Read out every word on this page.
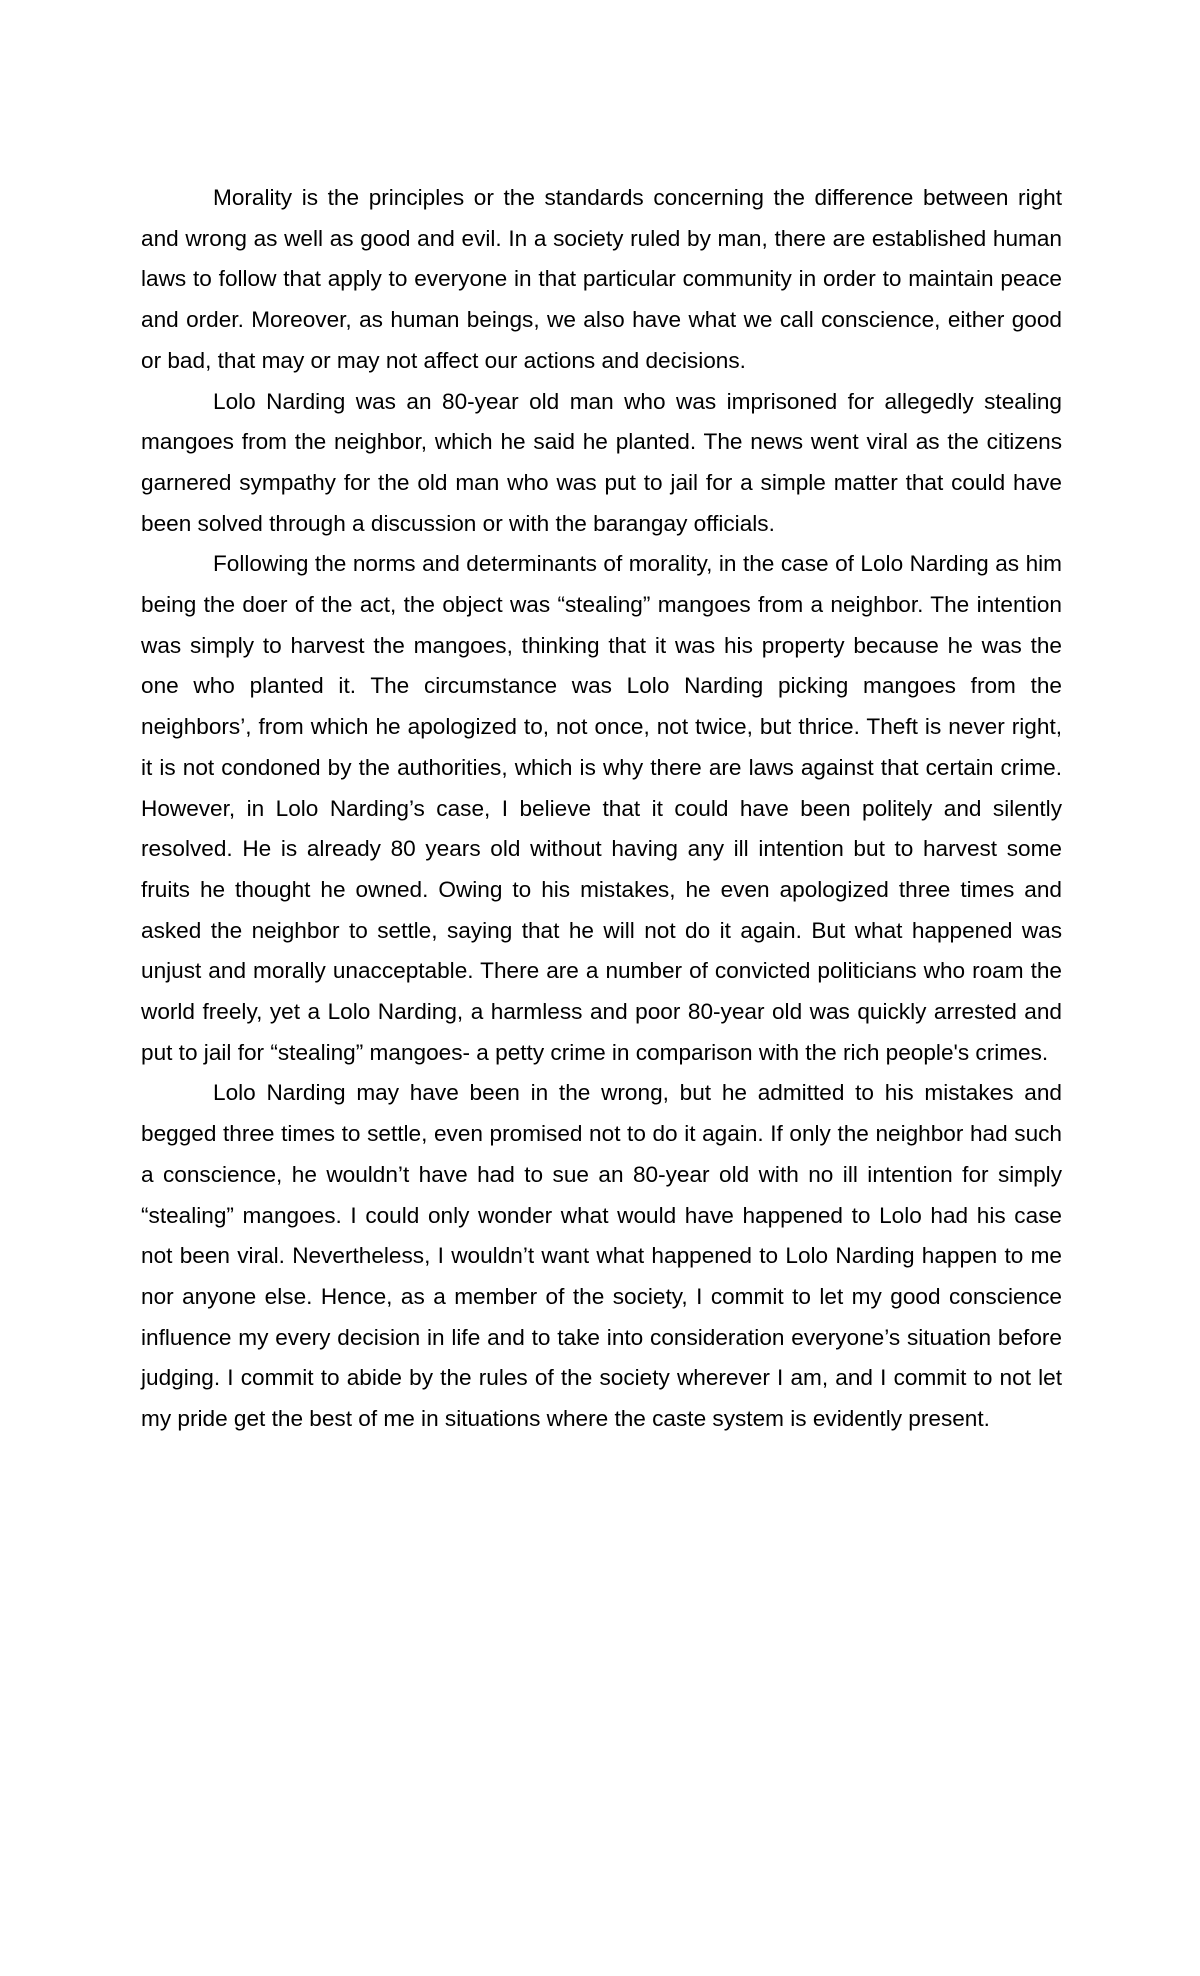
Morality is the principles or the standards concerning the difference between right and wrong as well as good and evil. In a society ruled by man, there are established human laws to follow that apply to everyone in that particular community in order to maintain peace and order. Moreover, as human beings, we also have what we call conscience, either good or bad, that may or may not affect our actions and decisions.

Lolo Narding was an 80-year old man who was imprisoned for allegedly stealing mangoes from the neighbor, which he said he planted. The news went viral as the citizens garnered sympathy for the old man who was put to jail for a simple matter that could have been solved through a discussion or with the barangay officials.

Following the norms and determinants of morality, in the case of Lolo Narding as him being the doer of the act, the object was “stealing” mangoes from a neighbor. The intention was simply to harvest the mangoes, thinking that it was his property because he was the one who planted it. The circumstance was Lolo Narding picking mangoes from the neighbors’, from which he apologized to, not once, not twice, but thrice. Theft is never right, it is not condoned by the authorities, which is why there are laws against that certain crime. However, in Lolo Narding’s case, I believe that it could have been politely and silently resolved. He is already 80 years old without having any ill intention but to harvest some fruits he thought he owned. Owing to his mistakes, he even apologized three times and asked the neighbor to settle, saying that he will not do it again. But what happened was unjust and morally unacceptable. There are a number of convicted politicians who roam the world freely, yet a Lolo Narding, a harmless and poor 80-year old was quickly arrested and put to jail for “stealing” mangoes- a petty crime in comparison with the rich people's crimes.

Lolo Narding may have been in the wrong, but he admitted to his mistakes and begged three times to settle, even promised not to do it again. If only the neighbor had such a conscience, he wouldn’t have had to sue an 80-year old with no ill intention for simply “stealing” mangoes. I could only wonder what would have happened to Lolo had his case not been viral. Nevertheless, I wouldn’t want what happened to Lolo Narding happen to me nor anyone else. Hence, as a member of the society, I commit to let my good conscience influence my every decision in life and to take into consideration everyone’s situation before judging. I commit to abide by the rules of the society wherever I am, and I commit to not let my pride get the best of me in situations where the caste system is evidently present.
